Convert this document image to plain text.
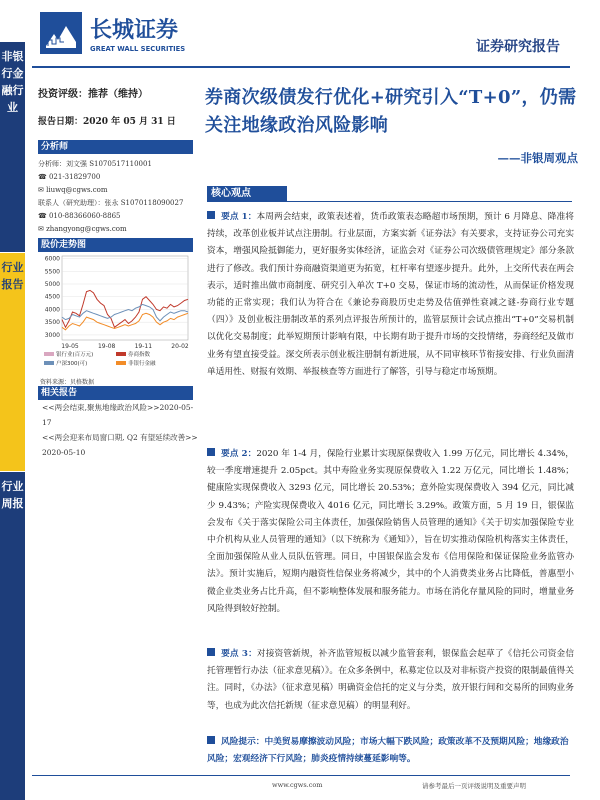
长城证券
GREAT WALL SECURITIES	证券研究报告
非银行金融行业
行业报告
行业周报
投资评级：推荐（维持）
报告日期：2020 年 05 月 31 日
分析师
分析师：刘文强 S1070517110001
☎ 021-31829700
✉ liuwq@cgws.com
联系人（研究助理）：张永 S1070118090027
☎ 010-88366060-8865
✉ zhangyong@cgws.com
股价走势图
6000
5500
5000
4500
4000
3500
3000
19-05	19-08	19-11	20-02
银行业(百万元)	券商指数
户深300(可)	非银行金融
资料来源：贝格数据
相关报告
<<两会结束,聚焦地缘政治风险>>2020-05-17
<<两会迎来布局窗口期, Q2 有望延续改善>>
2020-05-10
券商次级债发行优化+研究引入“T+0”，仍需关注地缘政治风险影响
——非银周观点
核心观点
要点 1：本周两会结束，政策表述着，货币政策表态略超市场预期，预计 6 月降息、降准将持续，改革创业板并试点注册制。行业层面，方案实新《证券法》有关要求，支持证券公司充实资本，增强风险抵御能力，更好服务实体经济，证监会对《证券公司次级债管理规定》部分条款进行了修改。我们预计券商融资渠道更为拓宽，杠杆率有望逐步提升。此外，上交所代表在两会表示，适时推出做市商制度、研究引入单次 T+0 交易，保证市场的流动性，从而保证价格发现功能的正常实现；我们认为符合在《兼论券商股历史走势及估值弹性衰减之谜-券商行业专题（四）》及创业板注册制改革的系列点评报告所预计的，监管层预计会试点推出“T+0”交易机制以优化交易制度；此举短期预计影响有限，中长期有助于提升市场的交投情绪，券商经纪及做市业务有望直接受益。深交所表示创业板注册制有新进展，从不同审核环节衔接安排、行业负面清单适用性、财报有效期、举报核查等方面进行了解答，引导与稳定市场预期。
要点 2：2020 年 1-4 月，保险行业累计实现原保费收入 1.99 万亿元，同比增长 4.34%，较一季度增速提升 2.05pct。其中寿险业务实现原保费收入 1.22 万亿元，同比增长 1.48%；健康险实现保费收入 3293 亿元，同比增长 20.53%；意外险实现保费收入 394 亿元，同比减少 9.43%；产险实现保费收入 4016 亿元，同比增长 3.29%。政策方面，5 月 19 日，银保监会发布《关于落实保险公司主体责任，加强保险销售人员管理的通知》《关于切实加强保险专业中介机构从业人员管理的通知》（以下统称为《通知》），旨在切实推动保险机构落实主体责任，全面加强保险从业人员队伍管理。同日，中国银保监会发布《信用保险和保证保险业务监管办法》。预计实施后，短期内融资性信保业务将减少，其中的个人消费类业务占比降低，普惠型小微企业类业务占比升高，但不影响整体发展和服务能力。市场在消化存量风险的同时，增量业务风险得到较好控制。
要点 3：对接资管新规，补齐监管短板以减少监管套利，银保监会起草了《信托公司资金信托管理暂行办法（征求意见稿）》。在众多条例中，私募定位以及对非标资产投资的限制最值得关注。同时，《办法》（征求意见稿）明确资金信托的定义与分类，放开银行间和交易所的回购业务等，也成为此次信托新规（征求意见稿）的明显利好。
风险提示：中美贸易摩擦波动风险；市场大幅下跌风险；政策改革不及预期风险；地缘政治风险；宏观经济下行风险；肺炎疫情持续蔓延影响等。
www.cgws.com	请参考最后一页评级说明及重要声明
